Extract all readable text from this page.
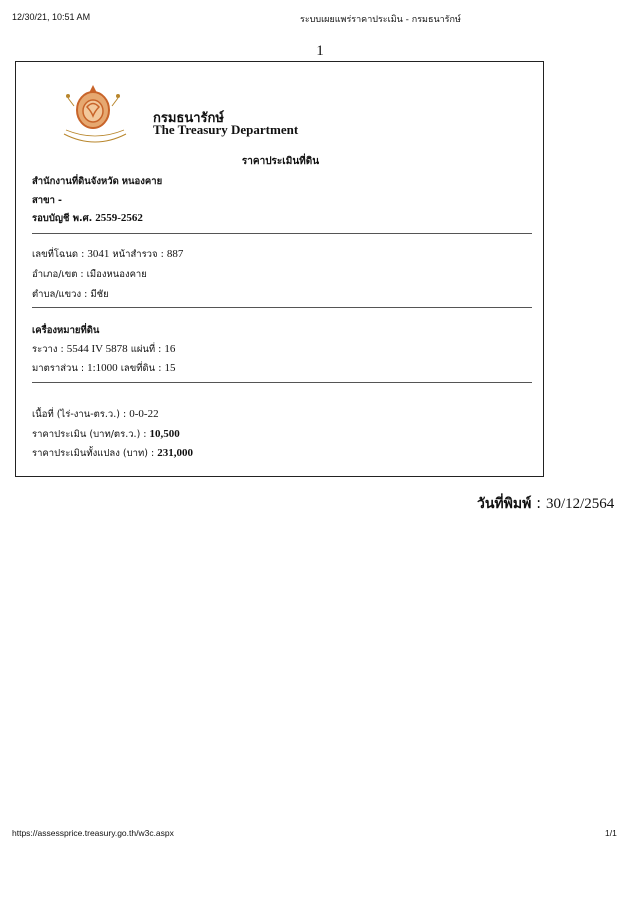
12/30/21, 10:51 AM	ระบบเผยแพร่ราคาประเมิน - กรมธนารักษ์
1
กรมธนารักษ์
The Treasury Department
ราคาประเมินที่ดิน
สำนักงานที่ดินจังหวัด หนองคาย
สาขา -
รอบบัญชี พ.ศ. 2559-2562
เลขที่โฉนด : 3041 หน้าสำรวจ : 887
อำเภอ/เขต : เมืองหนองคาย
ตำบล/แขวง : มีชัย
เครื่องหมายที่ดิน
ระวาง : 5544 IV 5878 แผ่นที่ : 16
มาตราส่วน : 1:1000 เลขที่ดิน : 15
เนื้อที่ (ไร่-งาน-ตร.ว.) : 0-0-22
ราคาประเมิน (บาท/ตร.ว.) : 10,500
ราคาประเมินทั้งแปลง (บาท) : 231,000
วันที่พิมพ์ : 30/12/2564
https://assessprice.treasury.go.th/w3c.aspx	1/1
